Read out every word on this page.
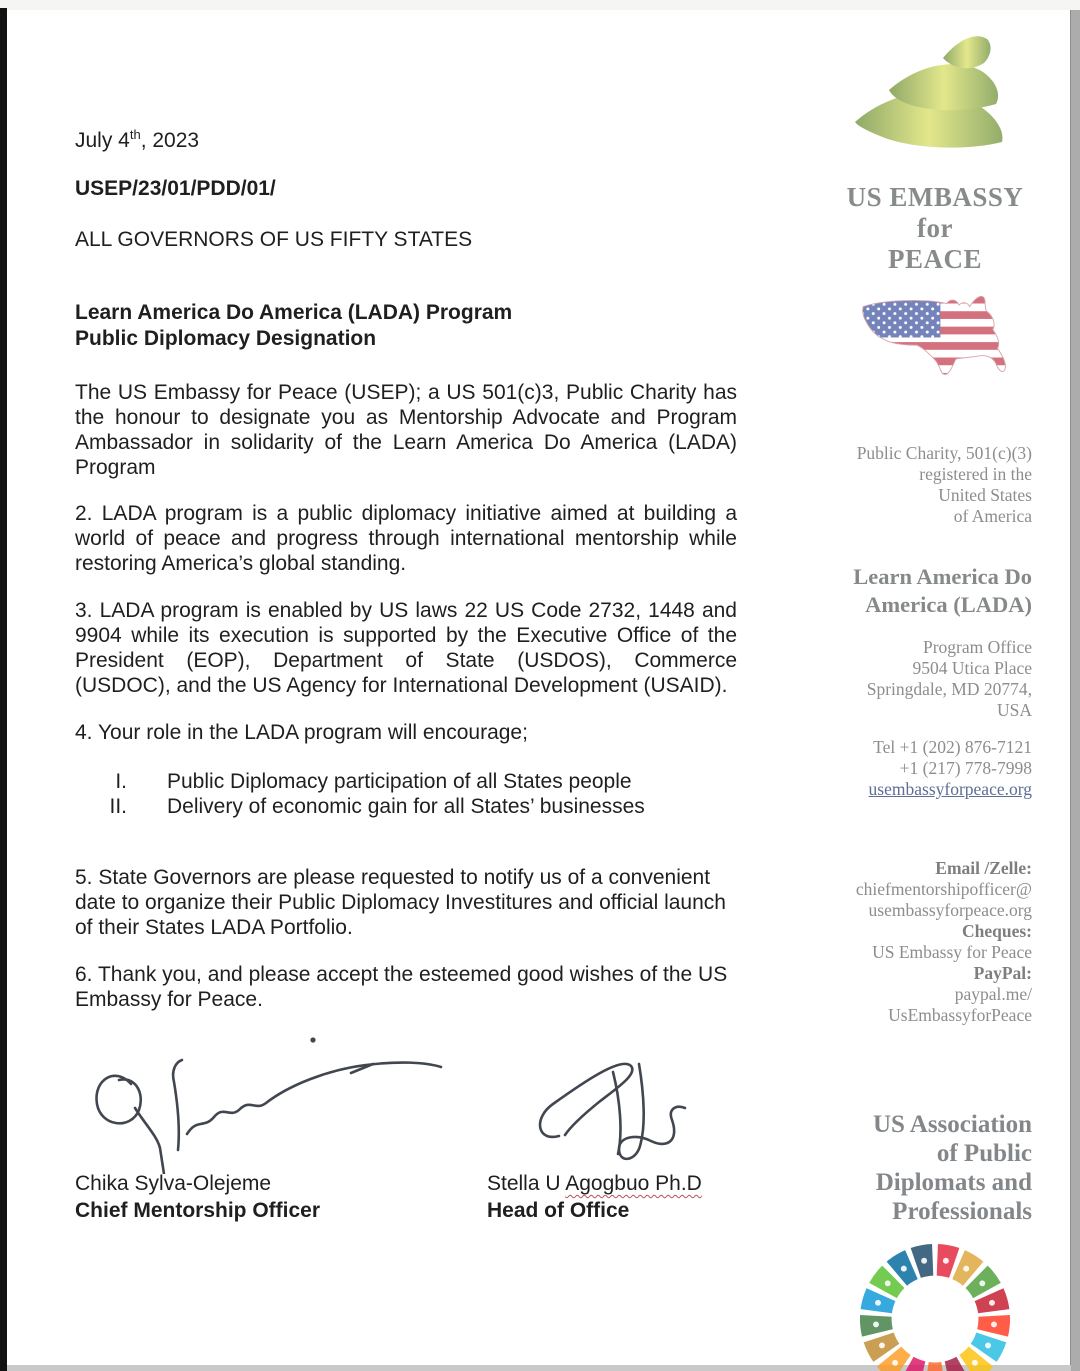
July 4th, 2023
USEP/23/01/PDD/01/
ALL GOVERNORS OF US FIFTY STATES
Learn America Do America (LADA) Program
Public Diplomacy Designation

The US Embassy for Peace (USEP); a US 501(c)3, Public Charity has the honour to designate you as Mentorship Advocate and Program Ambassador in solidarity of the Learn America Do America (LADA) Program

2. LADA program is a public diplomacy initiative aimed at building a world of peace and progress through international mentorship while restoring America’s global standing.

3. LADA program is enabled by US laws 22 US Code 2732, 1448 and 9904 while its execution is supported by the Executive Office of the President (EOP), Department of State (USDOS), Commerce (USDOC), and the US Agency for International Development (USAID).

4. Your role in the LADA program will encourage;

I. Public Diplomacy participation of all States people
II. Delivery of economic gain for all States’ businesses

5. State Governors are please requested to notify us of a convenient date to organize their Public Diplomacy Investitures and official launch of their States LADA Portfolio.

6. Thank you, and please accept the esteemed good wishes of the US Embassy for Peace.

Chika Sylva-Olejeme
Chief Mentorship Officer
Stella U Agogbuo Ph.D
Head of Office
US EMBASSY for
PEACE
Public Charity, 501(c)(3)
registered in the
United States
of America
Learn America Do
America (LADA)
Program Office
9504 Utica Place
Springdale, MD 20774,
USA
Tel +1 (202) 876-7121
+1 (217) 778-7998
usembassyforpeace.org
Email /Zelle:
chiefmentorshipofficer@
usembassyforpeace.org
Cheques:
US Embassy for Peace
PayPal:
paypal.me/
UsEmbassyforPeace
US Association
of Public
Diplomats and
Professionals
